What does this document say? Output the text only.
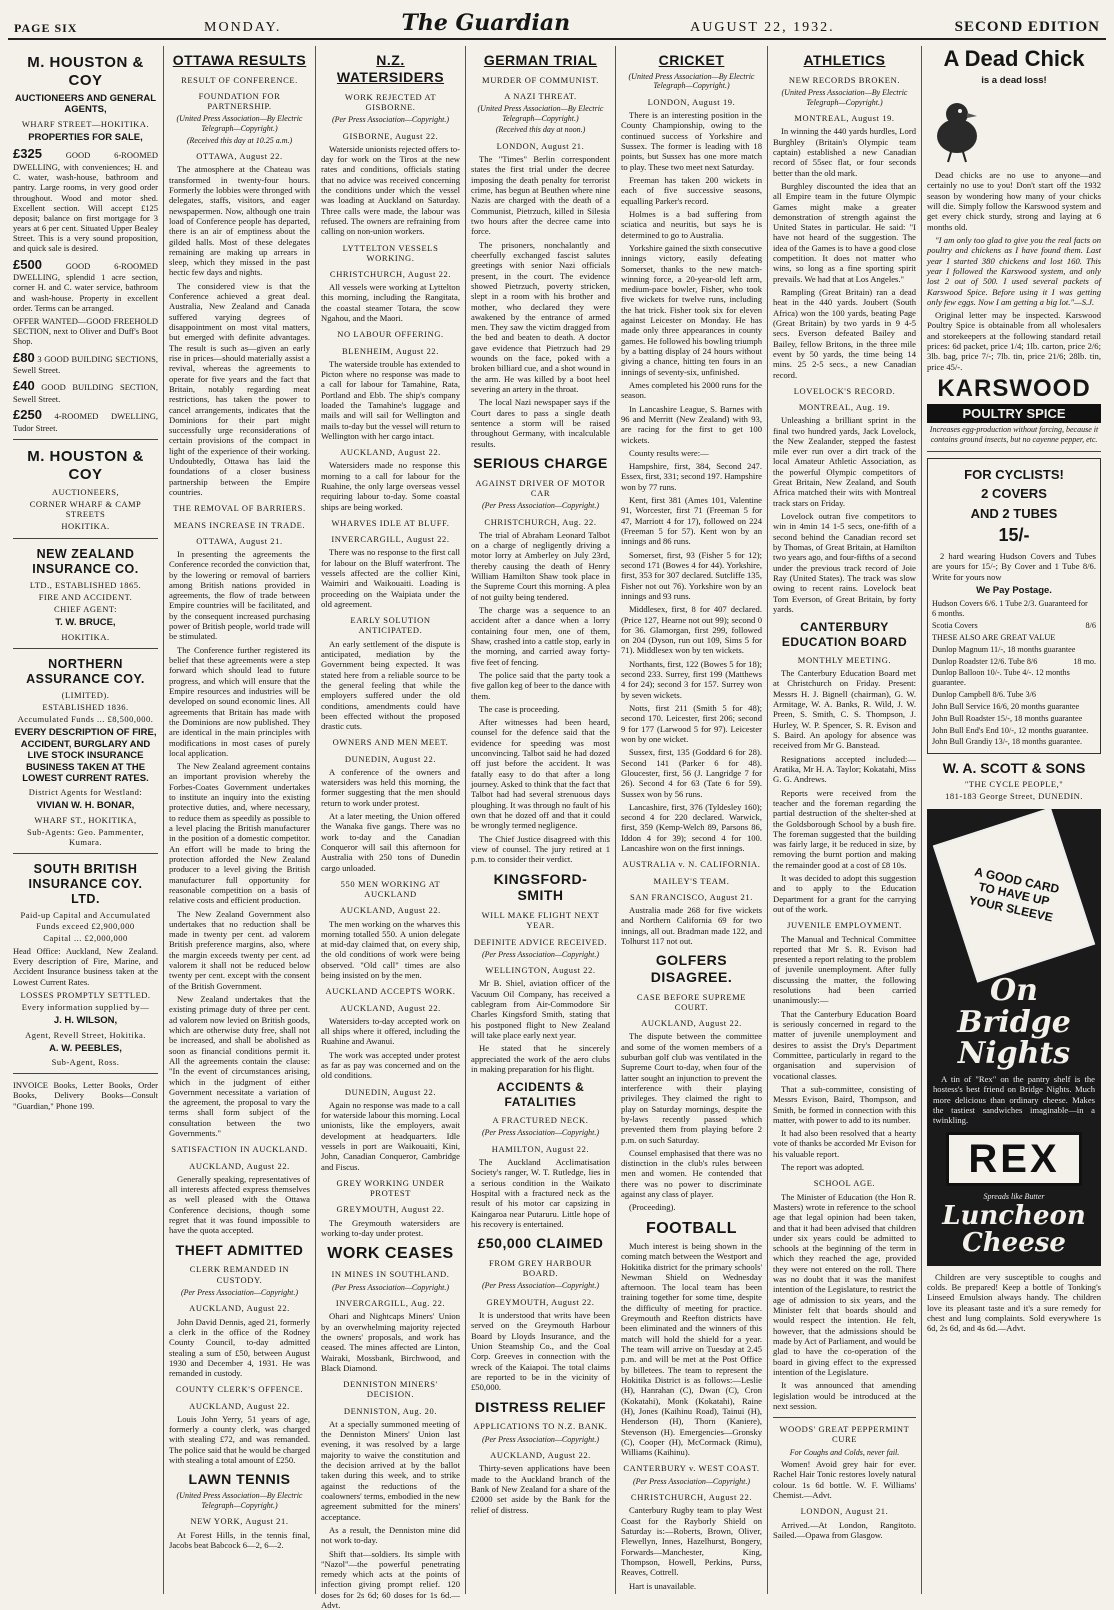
PAGE SIX	MONDAY.	The Guardian	AUGUST 22, 1932.	SECOND EDITION
M. HOUSTON & COY
AUCTIONEERS AND GENERAL AGENTS,
WHARF STREET—HOKITIKA.
PROPERTIES FOR SALE,
£325	GOOD 6-ROOMED DWELLING, with conveniences; H. and C. water, wash-house, bathroom and pantry. Large rooms, in very good order throughout. Wood and motor shed. Excellent section. Will accept £125 deposit; balance on first mortgage for 3 years at 6 per cent. Situated Upper Bealey Street. This is a very sound proposition, and quick sale is desired.
£500	GOOD 6-ROOMED DWELLING, splendid 1 acre section, corner H. and C. water service, bathroom and wash-house. Property in excellent order. Terms can be arranged.
OFFER WANTED—GOOD FREEHOLD SECTION, next to Oliver and Duff's Boot Shop.
£80 3 GOOD BUILDING SECTIONS, Sewell Street.
£40 GOOD BUILDING SECTION, Sewell Street.
£250 4-ROOMED DWELLING, Tudor Street.
M. HOUSTON & COY
AUCTIONEERS,
CORNER WHARF & CAMP STREETS
HOKITIKA.
NEW ZEALAND INSURANCE CO.
LTD., ESTABLISHED 1865.
FIRE AND ACCIDENT.
CHIEF AGENT:
T. W. BRUCE,
HOKITIKA.
NORTHERN ASSURANCE COY.
(LIMITED).
ESTABLISHED 1836.
Accumulated Funds ... £8,500,000.
EVERY DESCRIPTION OF FIRE, ACCIDENT, BURGLARY AND LIVE STOCK INSURANCE BUSINESS TAKEN AT THE LOWEST CURRENT RATES.
District Agents for Westland:
VIVIAN W. H. BONAR,
WHARF ST., HOKITIKA,
Sub-Agents: Geo. Pammenter, Kumara.
SOUTH BRITISH INSURANCE COY. LTD.
Paid-up Capital and Accumulated Funds exceed £2,900,000
Capital ... £2,000,000
Head Office: Auckland, New Zealand. Every description of Fire, Marine, and Accident Insurance business taken at the Lowest Current Rates.
LOSSES PROMPTLY SETTLED.
Every information supplied by—
J. H. WILSON,
Agent, Revell Street, Hokitika.
A. W. PEEBLES,
Sub-Agent, Ross.
INVOICE Books, Letter Books, Order Books, Delivery Books—Consult "Guardian," Phone 199.
OTTAWA RESULTS
RESULT OF CONFERENCE.
FOUNDATION FOR PARTNERSHIP.

(United Press Association—By Electric Telegraph—Copyright.)

(Received this day at 10.25 a.m.)

OTTAWA, August 22.

The atmosphere at the Chateau was transformed in twenty-four hours. Formerly the lobbies were thronged with delegates, staffs, visitors, and eager newspapermen. Now, although one train load of Conference people has departed, there is an air of emptiness about the gilded halls. Most of these delegates remaining are making up arrears in sleep, which they missed in the past hectic few days and nights.

The considered view is that the Conference achieved a great deal. Australia, New Zealand and Canada suffered varying degrees of disappointment on most vital matters, but emerged with definite advantages. The result is such as—given an early rise in prices—should materially assist a revival, whereas the agreements to operate for five years and the fact that Britain, notably regarding meat restrictions, has taken the power to cancel arrangements, indicates that the Dominions for their part might successfully urge reconsiderations of certain provisions of the compact in light of the experience of their working. Undoubtedly, Ottawa has laid the foundations of a closer business partnership between the Empire countries.

THE REMOVAL OF BARRIERS.
MEANS INCREASE IN TRADE.
OTTAWA, August 21.

In presenting the agreements the Conference recorded the conviction that, by the lowering or removal of barriers among British nations provided in agreements, the flow of trade between Empire countries will be facilitated, and by the consequent increased purchasing power of British people, world trade will be stimulated.

The Conference further registered its belief that these agreements were a step forward which should lead to future progress, and which will ensure that the Empire resources and industries will be developed on sound economic lines. All agreements that Britain has made with the Dominions are now published. They are identical in the main principles with modifications in most cases of purely local application.

The New Zealand agreement contains an important provision whereby the Forbes-Coates Government undertakes to institute an inquiry into the existing protective duties, and, where necessary, to reduce them as speedily as possible to a level placing the British manufacturer in the position of a domestic competitor. An effort will be made to bring the protection afforded the New Zealand producer to a level giving the British manufacturer full opportunity for reasonable competition on a basis of relative costs and efficient production.

The New Zealand Government also undertakes that no reduction shall be made in twenty per cent. ad valorem British preference margins, also, where the margin exceeds twenty per cent. ad valorem it shall not be reduced below twenty per cent. except with the consent of the British Government.

New Zealand undertakes that the existing primage duty of three per cent. ad valorem now levied on British goods, which are otherwise duty free, shall not be increased, and shall be abolished as soon as financial conditions permit it. All the agreements contain the clause: "In the event of circumstances arising, which in the judgment of either Government necessitate a variation of the agreement, the proposal to vary the terms shall form subject of the consultation between the two Governments."

SATISFACTION IN AUCKLAND.
AUCKLAND, August 22.

Generally speaking, representatives of all interests affected express themselves as well pleased with the Ottawa Conference decisions, though some regret that it was found impossible to have the quota accepted.

THEFT ADMITTED
CLERK REMANDED IN CUSTODY.

(Per Press Association—Copyright.)

AUCKLAND, August 22.

John David Dennis, aged 21, formerly a clerk in the office of the Rodney County Council, to-day admitted stealing a sum of £50, between August 1930 and December 4, 1931. He was remanded in custody.

COUNTY CLERK'S OFFENCE.
AUCKLAND, August 22.

Louis John Yerry, 51 years of age, formerly a county clerk, was charged with stealing £72, and was remanded. The police said that he would be charged with stealing a total amount of £250.

LAWN TENNIS

(United Press Association—By Electric Telegraph—Copyright.)

NEW YORK, August 21.

At Forest Hills, in the tennis final, Jacobs beat Babcock 6—2, 6—2.

N.Z. WATERSIDERS
WORK REJECTED AT GISBORNE.

(Per Press Association—Copyright.)

GISBORNE, August 22.

Waterside unionists rejected offers to-day for work on the Tiros at the new rates and conditions, officials stating that no advice was received concerning the conditions under which the vessel was loading at Auckland on Saturday. Three calls were made, the labour was refused. The owners are refraining from calling on non-union workers.

LYTTELTON VESSELS WORKING.
CHRISTCHURCH, August 22.

All vessels were working at Lyttelton this morning, including the Rangitata, the coastal steamer Totara, the scow Ngahou, and the Maori.

NO LABOUR OFFERING.
BLENHEIM, August 22.

The waterside trouble has extended to Picton where no response was made to a call for labour for Tamahine, Rata, Portland and Ebb. The ship's company loaded the Tamahine's luggage and mails and will sail for Wellington and mails to-day but the vessel will return to Wellington with her cargo intact.

AUCKLAND, August 22.

Watersiders made no response this morning to a call for labour for the Ruahine, the only large overseas vessel requiring labour to-day. Some coastal ships are being worked.

WHARVES IDLE AT BLUFF.
INVERCARGILL, August 22.

There was no response to the first call for labour on the Bluff waterfront. The vessels affected are the collier Kini, Waimiri and Waikouaiti. Loading is proceeding on the Waipiata under the old agreement.

EARLY SOLUTION ANTICIPATED.

An early settlement of the dispute is anticipated, mediation by the Government being expected. It was stated here from a reliable source to be the general feeling that while the employers suffered under the old conditions, amendments could have been effected without the proposed drastic cuts.

OWNERS AND MEN MEET.
DUNEDIN, August 22.

A conference of the owners and watersiders was held this morning, the former suggesting that the men should return to work under protest.

At a later meeting, the Union offered the Wanaka five gangs. There was no work to-day and the Canadian Conqueror will sail this afternoon for Australia with 250 tons of Dunedin cargo unloaded.

550 MEN WORKING AT AUCKLAND
AUCKLAND, August 22.

The men working on the wharves this morning totalled 550. A union delegate at mid-day claimed that, on every ship, the old conditions of work were being observed. "Old call" times are also being insisted on by the men.

AUCKLAND ACCEPTS WORK.
AUCKLAND, August 22.

Watersiders to-day accepted work on all ships where it offered, including the Ruahine and Awanui.

The work was accepted under protest as far as pay was concerned and on the old conditions.

DUNEDIN, August 22.

Again no response was made to a call for waterside labour this morning. Local unionists, like the employers, await development at headquarters. Idle vessels in port are Waikouaiti, Kini, John, Canadian Conqueror, Cambridge and Fiscus.

GREY WORKING UNDER PROTEST
GREYMOUTH, August 22.

The Greymouth watersiders are working to-day under protest.

WORK CEASES
IN MINES IN SOUTHLAND.

(Per Press Association—Copyright.)

INVERCARGILL, Aug. 22.

Ohari and Nightcaps Miners' Union by an overwhelming majority rejected the owners' proposals, and work has ceased. The mines affected are Linton, Wairaki, Mossbank, Birchwood, and Black Diamond.

DENNISTON MINERS' DECISION.
DENNISTON, Aug. 20.

At a specially summoned meeting of the Denniston Miners' Union last evening, it was resolved by a large majority to waive the constitution and the decision arrived at by the ballot taken during this week, and to strike against the reductions of the coalowners' terms, embodied in the new agreement submitted for the miners' acceptance.

As a result, the Denniston mine did not work to-day.

Shift that—soldiers. Its simple with "Nazol"—the powerful penetrating remedy which acts at the points of infection giving prompt relief. 120 doses for 2s 6d; 60 doses for 1s 6d.—Advt.

GERMAN TRIAL
MURDER OF COMMUNIST.
A NAZI THREAT.

(United Press Association—By Electric Telegraph—Copyright.)

(Received this day at noon.)

LONDON, August 21.

The "Times" Berlin correspondent states the first trial under the decree imposing the death penalty for terrorist crime, has begun at Beuthen where nine Nazis are charged with the death of a Communist, Pietrzuch, killed in Silesia two hours after the decree came into force.

The prisoners, nonchalantly and cheerfully exchanged fascist salutes greetings with senior Nazi officials present, in the court. The evidence showed Pietrzuch, poverty stricken, slept in a room with his brother and mother, who declared they were awakened by the entrance of armed men. They saw the victim dragged from the bed and beaten to death. A doctor gave evidence that Pietrzuch had 29 wounds on the face, poked with a broken billiard cue, and a shot wound in the arm. He was killed by a boot heel severing an artery in the throat.

The local Nazi newspaper says if the Court dares to pass a single death sentence a storm will be raised throughout Germany, with incalculable results.

SERIOUS CHARGE
AGAINST DRIVER OF MOTOR CAR

(Per Press Association—Copyright.)

CHRISTCHURCH, Aug. 22.

The trial of Abraham Leonard Talbot on a charge of negligently driving a motor lorry at Amberley on July 23rd, thereby causing the death of Henry William Hamilton Shaw took place in the Supreme Court this morning. A plea of not guilty being tendered.

The charge was a sequence to an accident after a dance when a lorry containing four men, one of them, Shaw, crashed into a cattle stop, early in the morning, and carried away forty-five feet of fencing.

The police said that the party took a five gallon keg of beer to the dance with them.

The case is proceeding.

After witnesses had been heard, counsel for the defence said that the evidence for speeding was most unconvincing. Talbot said he had dozed off just before the accident. It was fatally easy to do that after a long journey. Asked to think that the fact that Talbot had had several strenuous days ploughing. It was through no fault of his own that he dozed off and that it could be wrongly termed negligence.

The Chief Justice disagreed with this view of counsel. The jury retired at 1 p.m. to consider their verdict.

KINGSFORD-SMITH
WILL MAKE FLIGHT NEXT YEAR.
DEFINITE ADVICE RECEIVED.

(Per Press Association—Copyright.)

WELLINGTON, August 22.

Mr B. Shiel, aviation officer of the Vacuum Oil Company, has received a cablegram from Air-Commodore Sir Charles Kingsford Smith, stating that his postponed flight to New Zealand will take place early next year.

He stated that he sincerely appreciated the work of the aero clubs in making preparation for his flight.

ACCIDENTS & FATALITIES
A FRACTURED NECK.

(Per Press Association—Copyright.)

HAMILTON, August 22.

The Auckland Acclimatisation Society's ranger, W. T. Rutledge, lies in a serious condition in the Waikato Hospital with a fractured neck as the result of his motor car capsizing in Kaingaroa near Putaruru. Little hope of his recovery is entertained.

£50,000 CLAIMED
FROM GREY HARBOUR BOARD.

(Per Press Association—Copyright.)

GREYMOUTH, August 22.

It is understood that writs have been served on the Greymouth Harbour Board by Lloyds Insurance, and the Union Steamship Co., and the Coal Corp. Greeves in connection with the wreck of the Kaiapoi. The total claims are reported to be in the vicinity of £50,000.

DISTRESS RELIEF
APPLICATIONS TO N.Z. BANK.

(Per Press Association—Copyright.)

AUCKLAND, August 22.

Thirty-seven applications have been made to the Auckland branch of the Bank of New Zealand for a share of the £2000 set aside by the Bank for the relief of distress.

CRICKET

(United Press Association—By Electric Telegraph—Copyright.)

LONDON, August 19.

There is an interesting position in the County Championship, owing to the continued success of Yorkshire and Sussex. The former is leading with 18 points, but Sussex has one more match to play. These two meet next Saturday.

Freeman has taken 200 wickets in each of five successive seasons, equalling Parker's record.

Holmes is a bad suffering from sciatica and neuritis, but says he is determined to go to Australia.

Yorkshire gained the sixth consecutive innings victory, easily defeating Somerset, thanks to the new match-winning force, a 20-year-old left arm, medium-pace bowler, Fisher, who took five wickets for twelve runs, including the hat trick. Fisher took six for eleven against Leicester on Monday. He has made only three appearances in county games. He followed his bowling triumph by a batting display of 24 hours without giving a chance, hitting ten fours in an innings of seventy-six, unfinished.

Ames completed his 2000 runs for the season.

In Lancashire League, S. Barnes with 96 and Merritt (New Zealand) with 93, are racing for the first to get 100 wickets.

County results were:—

Hampshire, first, 384, Second 247. Essex, first, 331; second 197. Hampshire won by 77 runs.

Kent, first 381 (Ames 101, Valentine 91, Worcester, first 71 (Freeman 5 for 47, Marriott 4 for 17), followed on 224 (Freeman 5 for 57). Kent won by an innings and 86 runs.

Somerset, first, 93 (Fisher 5 for 12); second 171 (Bowes 4 for 44). Yorkshire, first, 353 for 307 declared. Sutcliffe 135, Fisher not out 76). Yorkshire won by an innings and 93 runs.

Middlesex, first, 8 for 407 declared. (Price 127, Hearne not out 99); second 0 for 36. Glamorgan, first 299, followed on 204 (Dyson, run out 109, Sims 5 for 71). Middlesex won by ten wickets.

Northants, first, 122 (Bowes 5 for 18); second 233. Surrey, first 199 (Matthews 4 for 24); second 3 for 157. Surrey won by seven wickets.

Notts, first 211 (Smith 5 for 48); second 170. Leicester, first 206; second 9 for 177 (Larwood 5 for 97). Leicester won by one wicket.

Sussex, first, 135 (Goddard 6 for 28). Second 141 (Parker 6 for 48). Gloucester, first, 56 (J. Langridge 7 for 26). Second 4 for 63 (Tate 6 for 59). Sussex won by 56 runs.

Lancashire, first, 376 (Tyldesley 160); second 4 for 220 declared. Warwick, first, 359 (Kemp-Welch 89, Parsons 86, Iddon 4 for 39); second 4 for 100. Lancashire won on the first innings.

AUSTRALIA v. N. CALIFORNIA.
MAILEY'S TEAM.
SAN FRANCISCO, August 21.

Australia made 268 for five wickets and Northern California 69 for two innings, all out. Bradman made 122, and Tolhurst 117 not out.

GOLFERS DISAGREE.
CASE BEFORE SUPREME COURT.
AUCKLAND, August 22.

The dispute between the committee and some of the women members of a suburban golf club was ventilated in the Supreme Court to-day, when four of the latter sought an injunction to prevent the interference with their playing privileges. They claimed the right to play on Saturday mornings, despite the by-laws recently passed which prevented them from playing before 2 p.m. on such Saturday.

Counsel emphasised that there was no distinction in the club's rules between men and women. He contended that there was no power to discriminate against any class of player.

(Proceeding).

FOOTBALL

Much interest is being shown in the coming match between the Westport and Hokitika district for the primary schools' Newman Shield on Wednesday afternoon. The local team has been training together for some time, despite the difficulty of meeting for practice. Greymouth and Reefton districts have been eliminated and the winners of this match will hold the shield for a year. The team will arrive on Tuesday at 2.45 p.m. and will be met at the Post Office by billetees. The team to represent the Hokitika District is as follows:—Leslie (H), Hanrahan (C), Dwan (C), Cron (Kokatahi), Monk (Kokatahi), Raine (H), Jones (Kaihinu Road), Tainui (H), Henderson (H), Thorn (Kaniere), Stevenson (H). Emergencies—Gronsky (C), Cooper (H), McCormack (Rimu), Williams (Kaihinu).

CANTERBURY v. WEST COAST.

(Per Press Association—Copyright.)

CHRISTCHURCH, August 22.

Canterbury Rugby team to play West Coast for the Rayborly Shield on Saturday is:—Roberts, Brown, Oliver, Flewellyn, Innes, Hazelhurst, Bongery, Forwards—Manchester, King, Thompson, Howell, Perkins, Purss, Reaves, Cottrell.

Hart is unavailable.

ATHLETICS
NEW RECORDS BROKEN.

(United Press Association—By Electric Telegraph—Copyright.)

MONTREAL, August 19.

In winning the 440 yards hurdles, Lord Burghley (Britain's Olympic team captain) established a new Canadian record of 55sec flat, or four seconds better than the old mark.

Burghley discounted the idea that an all Empire team in the future Olympic Games might make a greater demonstration of strength against the United States in particular. He said: "I have not heard of the suggestion. The idea of the Games is to have a good close competition. It does not matter who wins, so long as a fine sporting spirit prevails. We had that at Los Angeles."

Rampling (Great Britain) ran a dead heat in the 440 yards. Joubert (South Africa) won the 100 yards, beating Page (Great Britain) by two yards in 9 4-5 secs. Everson defeated Bailey and Bailey, fellow Britons, in the three mile event by 50 yards, the time being 14 mins. 25 2-5 secs., a new Canadian record.

LOVELOCK'S RECORD.
MONTREAL, Aug. 19.

Unleashing a brilliant sprint in the final two hundred yards, Jack Lovelock, the New Zealander, stepped the fastest mile ever run over a dirt track of the local Amateur Athletic Association, as the powerful Olympic competitors of Great Britain, New Zealand, and South Africa matched their wits with Montreal track stars on Friday.

Lovelock outran five competitors to win in 4min 14 1-5 secs, one-fifth of a second behind the Canadian record set by Thomas, of Great Britain, at Hamilton two years ago, and four-fifths of a second under the previous track record of Joie Ray (United States). The track was slow owing to recent rains. Lovelock beat Tom Everson, of Great Britain, by forty yards.

CANTERBURY EDUCATION BOARD
MONTHLY MEETING.

The Canterbury Education Board met at Christchurch on Friday. Present: Messrs H. J. Bignell (chairman), G. W. Armitage, W. A. Banks, R. Wild, J. W. Preen, S. Smith, C. S. Thompson, J. Hurley, W. P. Spencer, S. R. Evison and S. Baird. An apology for absence was received from Mr G. Banstead.

Resignations accepted included:—Aratika, Mr H. A. Taylor; Kokatahi, Miss G. G. Andrews.

Reports were received from the teacher and the foreman regarding the partial destruction of the shelter-shed at the Goldsborough School by a bush fire. The foreman suggested that the building was fairly large, it be reduced in size, by removing the burnt portion and making the remainder good at a cost of £8 10s.

It was decided to adopt this suggestion and to apply to the Education Department for a grant for the carrying out of the work.

JUVENILE EMPLOYMENT.

The Manual and Technical Committee reported that Mr S. R. Evison had presented a report relating to the problem of juvenile unemployment. After fully discussing the matter, the following resolutions had been carried unanimously:—

That the Canterbury Education Board is seriously concerned in regard to the matter of juvenile unemployment and desires to assist the Dry's Department Committee, particularly in regard to the organisation and supervision of vocational classes.

That a sub-committee, consisting of Messrs Evison, Baird, Thompson, and Smith, be formed in connection with this matter, with power to add to its number.

It had also been resolved that a hearty vote of thanks be accorded Mr Evison for his valuable report.

The report was adopted.

SCHOOL AGE.

The Minister of Education (the Hon R. Masters) wrote in reference to the school age that legal opinion had been taken, and that it had been advised that children under six years could be admitted to schools at the beginning of the term in which they reached the age, provided they were not entered on the roll. There was no doubt that it was the manifest intention of the Legislature, to restrict the age of admission to six years, and the Minister felt that boards should and would respect the intention. He felt, however, that the admissions should be made by Act of Parliament, and would be glad to have the co-operation of the board in giving effect to the expressed intention of the Legislature.

It was announced that amending legislation would be introduced at the next session.

WOODS' GREAT PEPPERMINT CURE

For Coughs and Colds, never fail.

Women! Avoid grey hair for ever. Rachel Hair Tonic restores lovely natural colour. 1s 6d bottle. W. F. Williams' Chemist.—Advt.

LONDON, August 21.

Arrived.—At London, Rangitoto. Sailed.—Opawa from Glasgow.

A Dead Chick
is a dead loss!

Dead chicks are no use to anyone—and certainly no use to you! Don't start off the 1932 season by wondering how many of your chicks will die. Simply follow the Karswood system and get every chick sturdy, strong and laying at 6 months old.

"I am only too glad to give you the real facts on poultry and chickens as I have found them. Last year I started 380 chickens and lost 160. This year I followed the Karswood system, and only lost 2 out of 500. I used several packets of Karswood Spice. Before using it I was getting only few eggs. Now I am getting a big lot."—S.J.

Original letter may be inspected. Karswood Poultry Spice is obtainable from all wholesalers and storekeepers at the following standard retail prices: 6d packet, price 1/4; 1lb. carton, price 2/6; 3lb. bag, price 7/-; 7lb. tin, price 21/6; 28lb. tin, price 45/-.

KARSWOOD
POULTRY SPICE

Increases egg-production without forcing, because it contains ground insects, but no cayenne pepper, etc.

FOR CYCLISTS!
2 COVERS
AND 2 TUBES
15/-

2 hard wearing Hudson Covers and Tubes are yours for 15/-; By Cover and 1 Tube 8/6. Write for yours now

We Pay Postage.
Hudson Covers 6/6. 1 Tube 2/3. Guaranteed for 6 months.
Scotia Covers	8/6
THESE ALSO ARE GREAT VALUE
Dunlop Magnum 11/-, 18 months guarantee
Dunlop Roadster 12/6. Tube 8/6	18 mo.
Dunlop Balloon 10/-. Tube 4/-. 12 months guarantee.
Dunlop Campbell 8/6. Tube 3/6
John Bull Service 16/6, 20 months guarantee
John Bull Roadster 15/-, 18 months guarantee
John Bull End's End 10/-, 12 months guarantee.
John Bull Grandiy 13/-, 18 months guarantee.
W. A. SCOTT & SONS
"THE CYCLE PEOPLE,"
181-183 George Street, DUNEDIN.
A GOOD CARD TO HAVE UP YOUR SLEEVE
On Bridge Nights

A tin of "Rex" on the pantry shelf is the hostess's best friend on Bridge Nights. Much more delicious than ordinary cheese. Makes the tastiest sandwiches imaginable—in a twinkling.

REX
Spreads like Butter
Luncheon Cheese

Children are very susceptible to coughs and colds. Be prepared! Keep a bottle of Tonking's Linseed Emulsion always handy. The children love its pleasant taste and it's a sure remedy for chest and lung complaints. Sold everywhere 1s 6d, 2s 6d, and 4s 6d.—Advt.
